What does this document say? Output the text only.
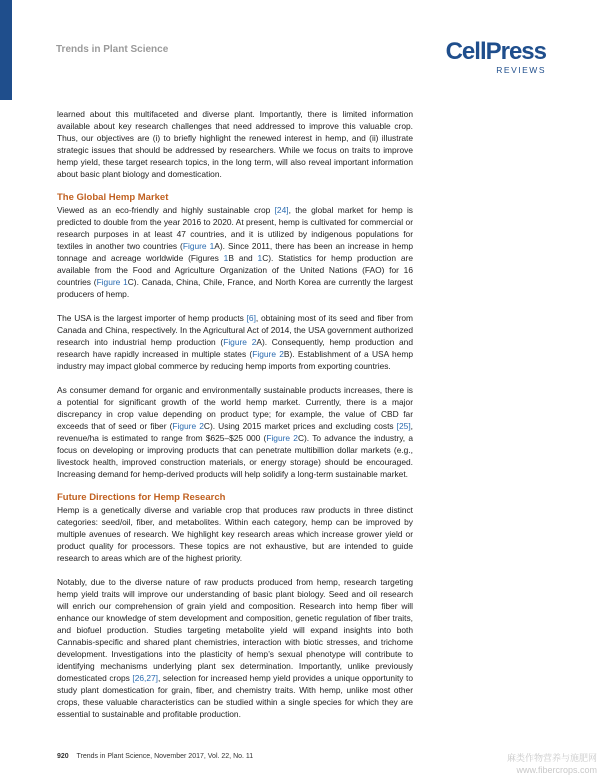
Trends in Plant Science	CellPress
REVIEWS

learned about this multifaceted and diverse plant. Importantly, there is limited information available about key research challenges that need addressed to improve this valuable crop. Thus, our objectives are (i) to briefly highlight the renewed interest in hemp, and (ii) illustrate strategic issues that should be addressed by researchers. While we focus on traits to improve hemp yield, these target research topics, in the long term, will also reveal important information about basic plant biology and domestication.

The Global Hemp Market

Viewed as an eco-friendly and highly sustainable crop [24], the global market for hemp is predicted to double from the year 2016 to 2020. At present, hemp is cultivated for commercial or research purposes in at least 47 countries, and it is utilized by indigenous populations for textiles in another two countries (Figure 1A). Since 2011, there has been an increase in hemp tonnage and acreage worldwide (Figures 1B and 1C). Statistics for hemp production are available from the Food and Agriculture Organization of the United Nations (FAO) for 16 countries (Figure 1C). Canada, China, Chile, France, and North Korea are currently the largest producers of hemp.

The USA is the largest importer of hemp products [6], obtaining most of its seed and fiber from Canada and China, respectively. In the Agricultural Act of 2014, the USA government authorized research into industrial hemp production (Figure 2A). Consequently, hemp production and research have rapidly increased in multiple states (Figure 2B). Establishment of a USA hemp industry may impact global commerce by reducing hemp imports from exporting countries.

As consumer demand for organic and environmentally sustainable products increases, there is a potential for significant growth of the world hemp market. Currently, there is a major discrepancy in crop value depending on product type; for example, the value of CBD far exceeds that of seed or fiber (Figure 2C). Using 2015 market prices and excluding costs [25], revenue/ha is estimated to range from $625–$25 000 (Figure 2C). To advance the industry, a focus on developing or improving products that can penetrate multibillion dollar markets (e.g., livestock health, improved construction materials, or energy storage) should be encouraged. Increasing demand for hemp-derived products will help solidify a long-term sustainable market.

Future Directions for Hemp Research

Hemp is a genetically diverse and variable crop that produces raw products in three distinct categories: seed/oil, fiber, and metabolites. Within each category, hemp can be improved by multiple avenues of research. We highlight key research areas which increase grower yield or product quality for processors. These topics are not exhaustive, but are intended to guide research to areas which are of the highest priority.

Notably, due to the diverse nature of raw products produced from hemp, research targeting hemp yield traits will improve our understanding of basic plant biology. Seed and oil research will enrich our comprehension of grain yield and composition. Research into hemp fiber will enhance our knowledge of stem development and composition, genetic regulation of fiber traits, and biofuel production. Studies targeting metabolite yield will expand insights into both Cannabis-specific and shared plant chemistries, interaction with biotic stresses, and trichome development. Investigations into the plasticity of hemp’s sexual phenotype will contribute to identifying mechanisms underlying plant sex determination. Importantly, unlike previously domesticated crops [26,27], selection for increased hemp yield provides a unique opportunity to study plant domestication for grain, fiber, and chemistry traits. With hemp, unlike most other crops, these valuable characteristics can be studied within a single species for which they are essential to sustainable and profitable production.

920 Trends in Plant Science, November 2017, Vol. 22, No. 11	麻类作物营养与施肥网
www.fibercrops.com
